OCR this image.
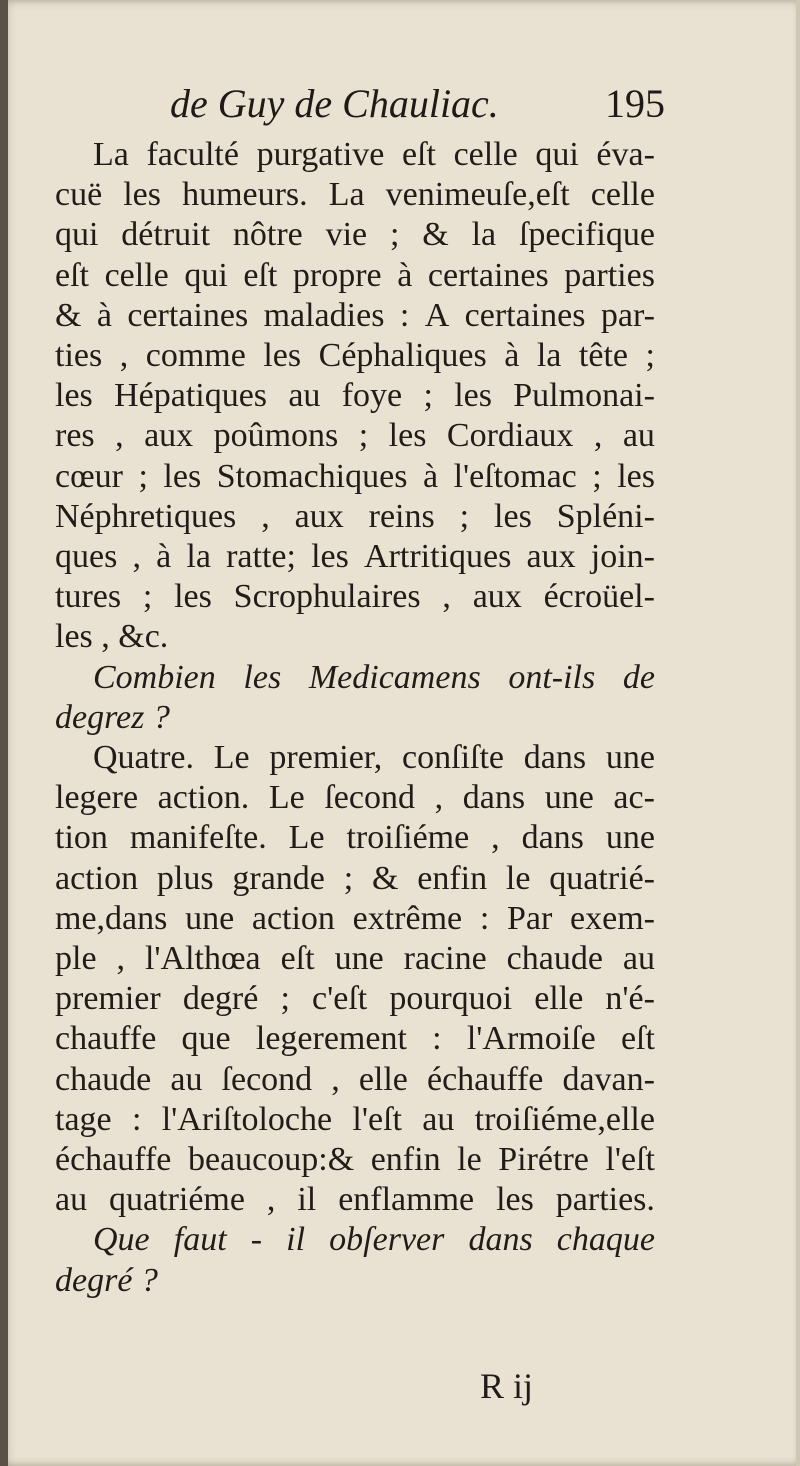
de Guy de Chauliac.	195
La faculté purgative eſt celle qui éva-
cuë les humeurs. La venimeuſe,eſt celle
qui détruit nôtre vie ; & la ſpecifique
eſt celle qui eſt propre à certaines parties
& à certaines maladies : A certaines par-
ties , comme les Céphaliques à la tête ;
les Hépatiques au foye ; les Pulmonai-
res , aux poûmons ; les Cordiaux , au
cœur ; les Stomachiques à l'eſtomac ; les
Néphretiques , aux reins ; les Spléni-
ques , à la ratte; les Artritiques aux join-
tures ; les Scrophulaires , aux écroüel-
les , &c.
Combien les Medicamens ont-ils de
degrez ?
Quatre. Le premier, conſiſte dans une
legere action. Le ſecond , dans une ac-
tion manifeſte. Le troiſiéme , dans une
action plus grande ; & enfin le quatrié-
me,dans une action extrême : Par exem-
ple , l'Althœa eſt une racine chaude au
premier degré ; c'eſt pourquoi elle n'é-
chauffe que legerement : l'Armoiſe eſt
chaude au ſecond , elle échauffe davan-
tage : l'Ariſtoloche l'eſt au troiſiéme,elle
échauffe beaucoup:& enfin le Pirétre l'eſt
au quatriéme , il enflamme les parties.
Que faut - il obſerver dans chaque
degré ?
R ij
